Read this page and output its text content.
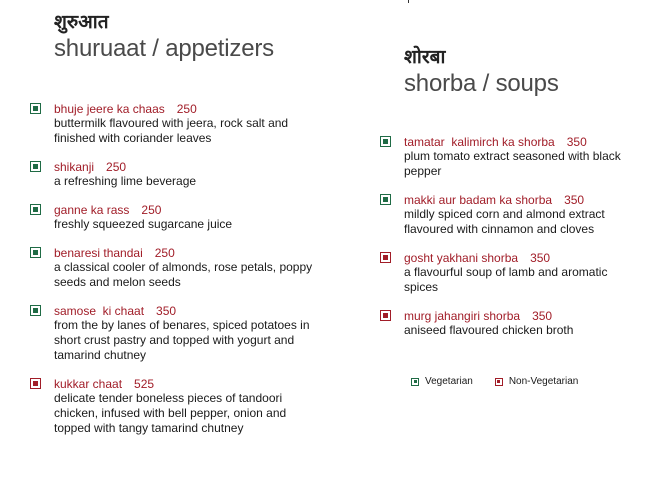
शुरुआत
shuruaat / appetizers
bhuje jeere ka chaas 250
buttermilk flavoured with jeera, rock salt and finished with coriander leaves
shikanji 250
a refreshing lime beverage
ganne ka rass 250
freshly squeezed sugarcane juice
benaresi thandai 250
a classical cooler of almonds, rose petals, poppy seeds and melon seeds
samose  ki chaat 350
from the by lanes of benares, spiced potatoes in short crust pastry and topped with yogurt and tamarind chutney
kukkar chaat 525
delicate tender boneless pieces of tandoori chicken, infused with bell pepper, onion and topped with tangy tamarind chutney
शोरबा
shorba / soups
tamatar  kalimirch ka shorba 350
plum tomato extract seasoned with black pepper
makki aur badam ka shorba 350
mildly spiced corn and almond extract flavoured with cinnamon and cloves
gosht yakhani shorba 350
a flavourful soup of lamb and aromatic spices
murg jahangiri shorba 350
aniseed flavoured chicken broth
Vegetarian	Non-Vegetarian
